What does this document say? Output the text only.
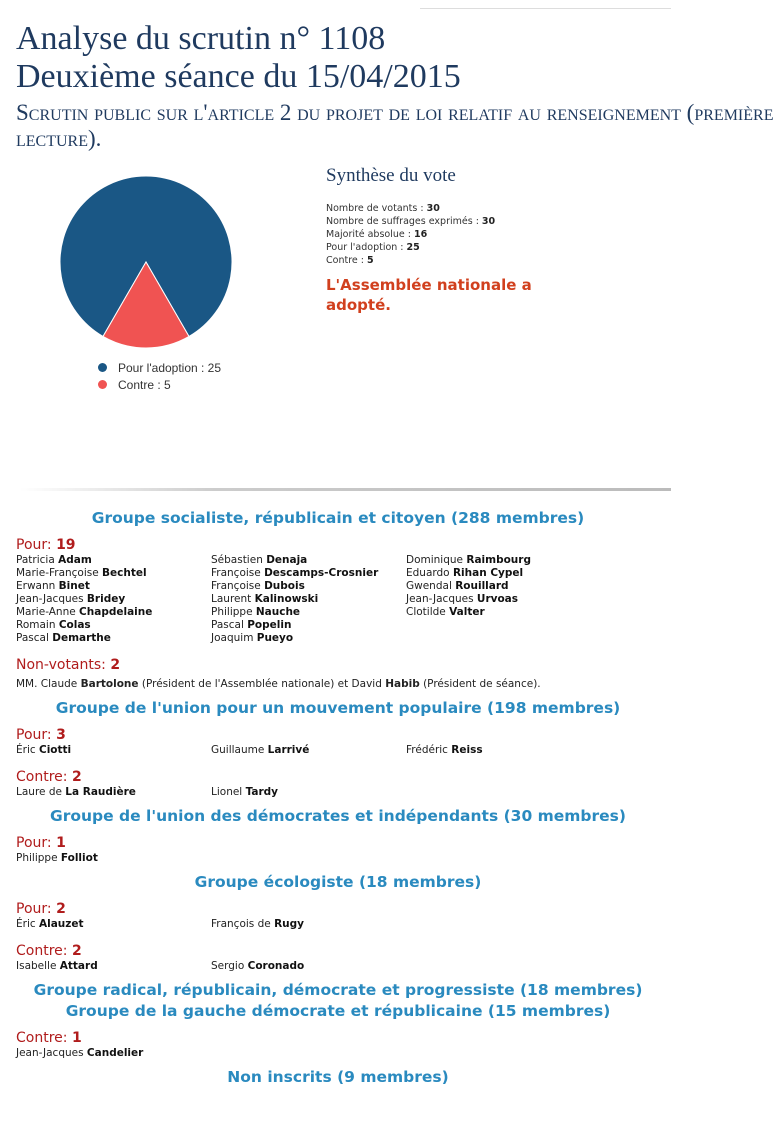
Analyse du scrutin n° 1108
Deuxième séance du 15/04/2015

Scrutin public sur l'article 2 du projet de loi relatif au renseignement (première
lecture).

Pour l'adoption : 25
Contre : 5
Synthèse du vote
Nombre de votants : 30
Nombre de suffrages exprimés : 30
Majorité absolue : 16
Pour l'adoption : 25
Contre : 5
L'Assemblée nationale a adopté.
Groupe socialiste, républicain et citoyen (288 membres)
Pour: 19
Patricia Adam
Marie-Françoise Bechtel
Erwann Binet
Jean-Jacques Bridey
Marie-Anne Chapdelaine
Romain Colas
Pascal Demarthe
Sébastien Denaja
Françoise Descamps-Crosnier
Françoise Dubois
Laurent Kalinowski
Philippe Nauche
Pascal Popelin
Joaquim Pueyo
Dominique Raimbourg
Eduardo Rihan Cypel
Gwendal Rouillard
Jean-Jacques Urvoas
Clotilde Valter
Non-votants: 2
MM. Claude Bartolone (Président de l'Assemblée nationale) et David Habib (Président de séance).
Groupe de l'union pour un mouvement populaire (198 membres)
Pour: 3
Éric Ciotti	Guillaume Larrivé	Frédéric Reiss
Contre: 2
Laure de La Raudière	Lionel Tardy
Groupe de l'union des démocrates et indépendants (30 membres)
Pour: 1
Philippe Folliot
Groupe écologiste (18 membres)
Pour: 2
Éric Alauzet	François de Rugy
Contre: 2
Isabelle Attard	Sergio Coronado
Groupe radical, républicain, démocrate et progressiste (18 membres)
Groupe de la gauche démocrate et républicaine (15 membres)
Contre: 1
Jean-Jacques Candelier
Non inscrits (9 membres)
